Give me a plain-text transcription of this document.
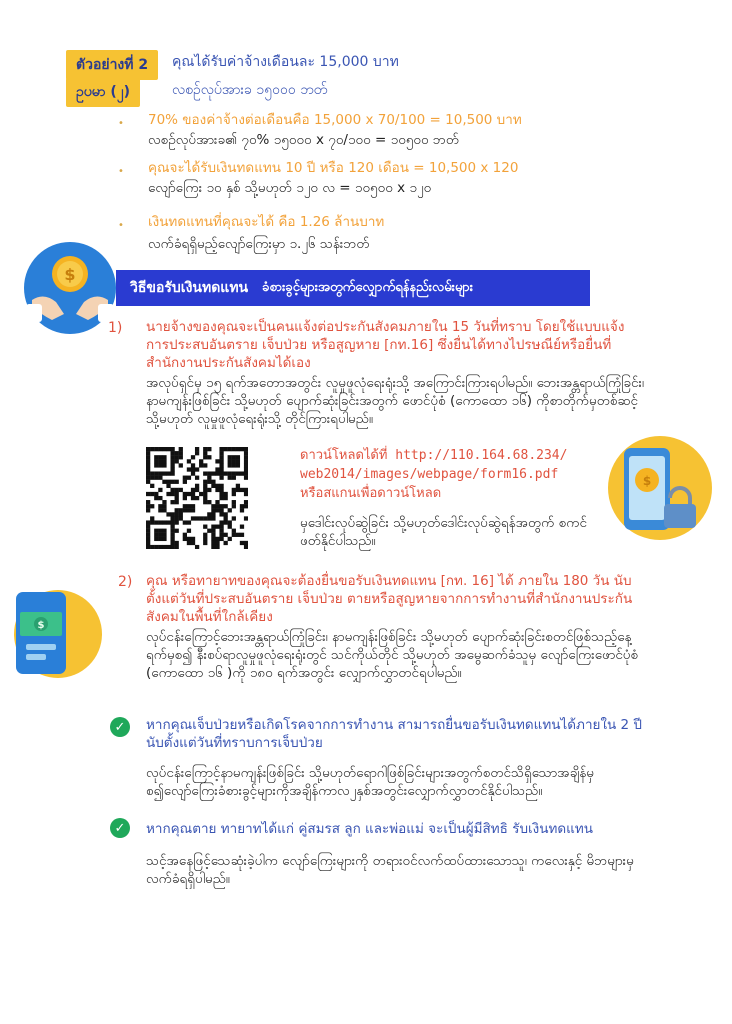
ตัวอย่างที่ 2
ဥပမာ (၂)
คุณได้รับค่าจ้างเดือนละ 15,000 บาท
လစဉ်လုပ်အားခ ၁၅၀၀၀ ဘတ်
• 70% ของค่าจ้างต่อเดือนคือ 15,000 x 70/100 = 10,500 บาท
လစဉ်လုပ်အားခ၏ ၇၀% ၁၅၀၀၀ x ၇၀/၁၀၀ = ၁၀၅၀၀ ဘတ်
• คุณจะได้รับเงินทดแทน 10 ปี หรือ 120 เดือน = 10,500 x 120
လျော်ကြေး ၁၀ နှစ် သို့မဟုတ် ၁၂၀ လ = ၁၀၅၀၀ x ၁၂၀
• เงินทดแทนที่คุณจะได้ คือ 1.26 ล้านบาท
လက်ခံရရှိမည့်လျော်ကြေးမှာ ၁.၂၆ သန်းဘတ်
$
วิธีขอรับเงินทดแทน ခံစားခွင့်များအတွက်လျှောက်ရန်နည်းလမ်းများ
1) นายจ้างของคุณจะเป็นคนแจ้งต่อประกันสังคมภายใน 15 วันที่ทราบ โดยใช้แบบแจ้งการประสบอันตราย เจ็บป่วย หรือสูญหาย [กท.16] ซึ่งยื่นได้ทางไปรษณีย์หรือยื่นที่สำนักงานประกันสังคมได้เอง
အလုပ်ရှင်မှ ၁၅ ရက်အတောအတွင်း လူမှုဖူလုံရေးရုံးသို့ အကြောင်းကြားရပါမည်။ ဘေးအန္တရာယ်ကြုံခြင်း၊ နာမကျန်းဖြစ်ခြင်း သို့မဟုတ် ပျောက်ဆုံးခြင်းအတွက် ဖောင်ပုံစံ (ကောထော ၁၆) ကိုစာတိုက်မှတစ်ဆင့် သို့မဟုတ် လူမှုဖူလုံရေးရုံးသို့ တိုင်ကြားရပါမည်။
ดาวน์โหลดได้ที่ http://110.164.68.234/
web2014/images/webpage/form16.pdf
หรือสแกนเพื่อดาวน์โหลด
မှဒေါင်းလုပ်ဆွဲခြင်း သို့မဟုတ်ဒေါင်းလုပ်ဆွဲရန်အတွက် စကင်ဖတ်နိုင်ပါသည်။
$
2) คุณ หรือทายาทของคุณจะต้องยื่นขอรับเงินทดแทน [กท. 16] ได้ ภายใน 180 วัน นับตั้งแต่วันที่ประสบอันตราย เจ็บป่วย ตายหรือสูญหายจากการทำงานที่สำนักงานประกันสังคมในพื้นที่ใกล้เคียง
လုပ်ငန်းကြောင့်ဘေးအန္တရာယ်ကြုံခြင်း၊ နာမကျန်းဖြစ်ခြင်း သို့မဟုတ် ပျောက်ဆုံးခြင်းစတင်ဖြစ်သည့်နေ့ရက်မှစ၍ နီးစပ်ရာလူမှုဖူလုံရေးရုံးတွင် သင်ကိုယ်တိုင် သို့မဟုတ် အမွေဆက်ခံသူမှ လျော်ကြေးဖောင်ပုံစံ (ကောထော ၁၆ )ကို ၁၈၀ ရက်အတွင်း လျှောက်လွှာတင်ရပါမည်။
$
✓	หากคุณเจ็บป่วยหรือเกิดโรคจากการทำงาน สามารถยื่นขอรับเงินทดแทนได้ภายใน 2 ปี นับตั้งแต่วันที่ทราบการเจ็บป่วย
လုပ်ငန်းကြောင့်နာမကျန်းဖြစ်ခြင်း သို့မဟုတ်ရောဂါဖြစ်ခြင်းများအတွက်စတင်သိရှိသောအချိန်မှစ၍လျော်ကြေးခံစားခွင့်များကိုအချိန်ကာလ၂နှစ်အတွင်းလျှောက်လွှာတင်နိုင်ပါသည်။
✓	หากคุณตาย ทายาทได้แก่ คู่สมรส ลูก และพ่อแม่ จะเป็นผู้มีสิทธิ รับเงินทดแทน
သင့်အနေဖြင့်သေဆုံးခဲ့ပါက လျော်ကြေးများကို တရားဝင်လက်ထပ်ထားသောသူ၊ ကလေးနှင့် မိဘများမှလက်ခံရရှိပါမည်။
